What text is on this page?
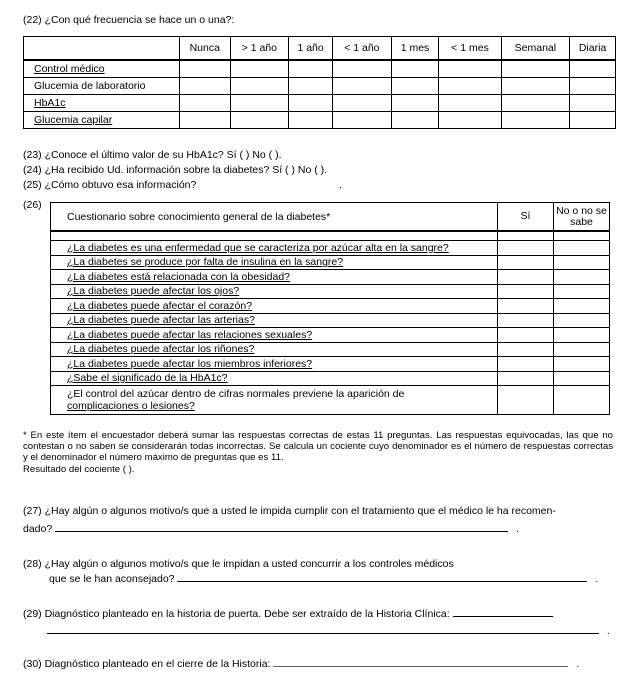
(22) ¿Con qué frecuencia se hace un o una?:
	Nunca	> 1 año	1 año	< 1 año	1 mes	< 1 mes	Semanal	Diaria
Control médico								
Glucemia de laboratorio								
HbA1c								
Glucemia capilar								
(23) ¿Conoce el último valor de su HbA1c? Sí ( ) No ( ).
(24) ¿Ha recibido Ud. información sobre la diabetes? Sí ( ) No ( ).
(25) ¿Cómo obtuvo esa información?	.
(26)
Cuestionario sobre conocimiento general de la diabetes*	Sí	No o no se sabe

¿La diabetes es una enfermedad que se caracteriza por azúcar alta en la sangre?		
¿La diabetes se produce por falta de insulina en la sangre?		
¿La diabetes está relacionada con la obesidad?		
¿La diabetes puede afectar los ojos?		
¿La diabetes puede afectar el corazón?		
¿La diabetes puede afectar las arterias?		
¿La diabetes puede afectar las relaciones sexuales?		
¿La diabetes puede afectar los riñones?		
¿La diabetes puede afectar los miembros inferiores?		
¿Sabe el significado de la HbA1c?		
¿El control del azúcar dentro de cifras normales previene la aparición de
complicaciones o lesiones?		
* En este ítem el encuestador deberá sumar las respuestas correctas de estas 11 preguntas. Las respuestas equivocadas, las que no contestan o no saben se considerarán todas incorrectas. Se calcula un cociente cuyo denominador es el número de respuestas correctas y el denominador el número máximo de preguntas que es 11.
Resultado del cociente ( ).
(27) ¿Hay algún o algunos motivo/s que a usted le impida cumplir con el tratamiento que el médico le ha recomen-
dado?	.
(28) ¿Hay algún o algunos motivo/s que le impidan a usted concurrir a los controles médicos
que se le han aconsejado?	.
(29) Diagnóstico planteado en la historia de puerta. Debe ser extraído de la Historia Clínica:
.
(30) Diagnóstico planteado en el cierre de la Historia:	.
